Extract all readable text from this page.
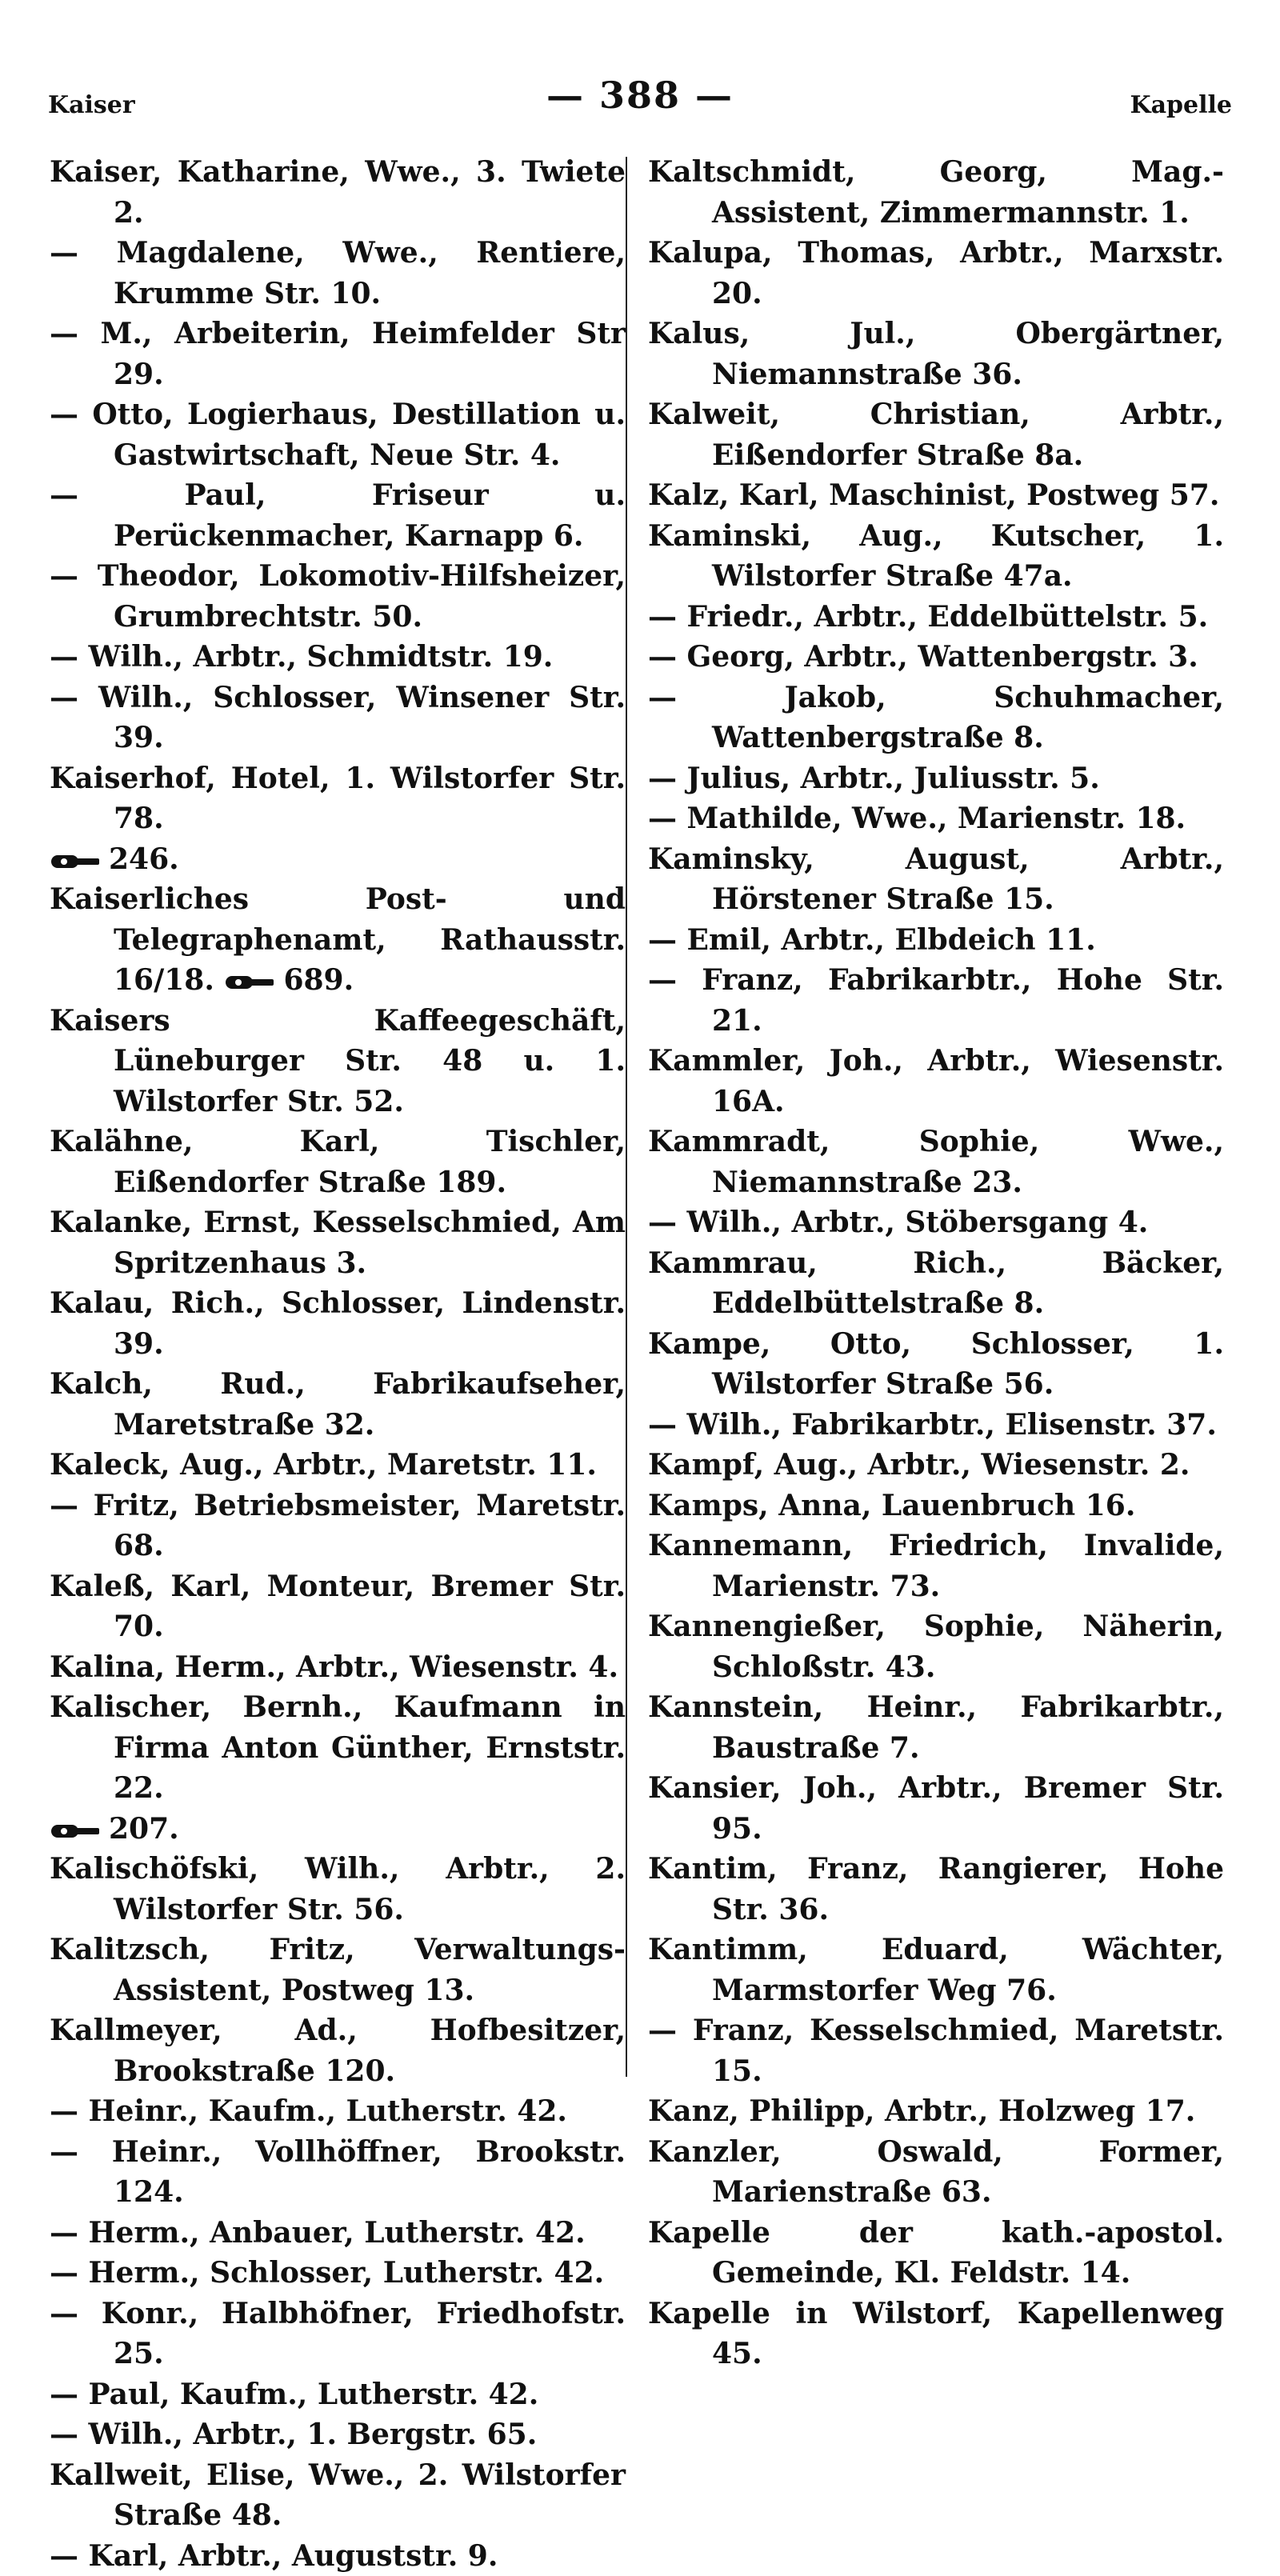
Kaiser	— 388 —	Kapelle
Kaiser, Katharine, Wwe., 3. Twiete 2.
— Magdalene, Wwe., Rentiere, Krumme Str. 10.
— M., Arbeiterin, Heimfelder Str 29.
— Otto, Logierhaus, Destillation u. Gastwirtschaft, Neue Str. 4.
— Paul, Friseur u. Perückenmacher, Karnapp 6.
— Theodor, Lokomotiv-Hilfsheizer, Grumbrechtstr. 50.
— Wilh., Arbtr., Schmidtstr. 19.
— Wilh., Schlosser, Winsener Str. 39.
Kaiserhof, Hotel, 1. Wilstorfer Str. 78.
246.
Kaiserliches Post- und Telegraphenamt, Rathausstr. 16/18. 689.
Kaisers Kaffeegeschäft, Lüneburger Str. 48 u. 1. Wilstorfer Str. 52.
Kalähne, Karl, Tischler, Eißendorfer Straße 189.
Kalanke, Ernst, Kesselschmied, Am Spritzenhaus 3.
Kalau, Rich., Schlosser, Lindenstr. 39.
Kalch, Rud., Fabrikaufseher, Maretstraße 32.
Kaleck, Aug., Arbtr., Maretstr. 11.
— Fritz, Betriebsmeister, Maretstr. 68.
Kaleß, Karl, Monteur, Bremer Str. 70.
Kalina, Herm., Arbtr., Wiesenstr. 4.
Kalischer, Bernh., Kaufmann in Firma Anton Günther, Ernststr. 22.
207.
Kalischöfski, Wilh., Arbtr., 2. Wilstorfer Str. 56.
Kalitzsch, Fritz, Verwaltungs-Assistent, Postweg 13.
Kallmeyer, Ad., Hofbesitzer, Brookstraße 120.
— Heinr., Kaufm., Lutherstr. 42.
— Heinr., Vollhöffner, Brookstr. 124.
— Herm., Anbauer, Lutherstr. 42.
— Herm., Schlosser, Lutherstr. 42.
— Konr., Halbhöfner, Friedhofstr. 25.
— Paul, Kaufm., Lutherstr. 42.
— Wilh., Arbtr., 1. Bergstr. 65.
Kallweit, Elise, Wwe., 2. Wilstorfer Straße 48.
— Karl, Arbtr., Auguststr. 9.
Kaltschmidt, Georg, Mag.-Assistent, Zimmermannstr. 1.
Kalupa, Thomas, Arbtr., Marxstr. 20.
Kalus, Jul., Obergärtner, Niemannstraße 36.
Kalweit, Christian, Arbtr., Eißendorfer Straße 8a.
Kalz, Karl, Maschinist, Postweg 57.
Kaminski, Aug., Kutscher, 1. Wilstorfer Straße 47a.
— Friedr., Arbtr., Eddelbüttelstr. 5.
— Georg, Arbtr., Wattenbergstr. 3.
— Jakob, Schuhmacher, Wattenbergstraße 8.
— Julius, Arbtr., Juliusstr. 5.
— Mathilde, Wwe., Marienstr. 18.
Kaminsky, August, Arbtr., Hörstener Straße 15.
— Emil, Arbtr., Elbdeich 11.
— Franz, Fabrikarbtr., Hohe Str. 21.
Kammler, Joh., Arbtr., Wiesenstr. 16A.
Kammradt, Sophie, Wwe., Niemannstraße 23.
— Wilh., Arbtr., Stöbersgang 4.
Kammrau, Rich., Bäcker, Eddelbüttelstraße 8.
Kampe, Otto, Schlosser, 1. Wilstorfer Straße 56.
— Wilh., Fabrikarbtr., Elisenstr. 37.
Kampf, Aug., Arbtr., Wiesenstr. 2.
Kamps, Anna, Lauenbruch 16.
Kannemann, Friedrich, Invalide, Marienstr. 73.
Kannengießer, Sophie, Näherin, Schloßstr. 43.
Kannstein, Heinr., Fabrikarbtr., Baustraße 7.
Kansier, Joh., Arbtr., Bremer Str. 95.
Kantim, Franz, Rangierer, Hohe Str. 36.
Kantimm, Eduard, Wächter, Marmstorfer Weg 76.
— Franz, Kesselschmied, Maretstr. 15.
Kanz, Philipp, Arbtr., Holzweg 17.
Kanzler, Oswald, Former, Marienstraße 63.
Kapelle der kath.-apostol. Gemeinde, Kl. Feldstr. 14.
Kapelle in Wilstorf, Kapellenweg 45.
